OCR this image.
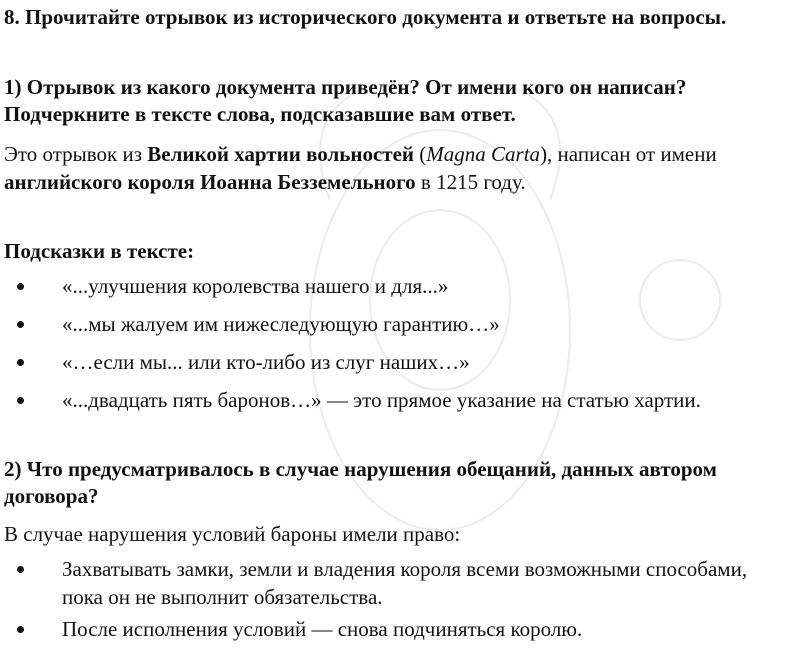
8. Прочитайте отрывок из исторического документа и ответьте на вопросы.

1) Отрывок из какого документа приведён? От имени кого он написан? Подчеркните в тексте слова, подсказавшие вам ответ.

Это отрывок из Великой хартии вольностей (Magna Carta), написан от имени английского короля Иоанна Безземельного в 1215 году.

Подсказки в тексте:

«...улучшения королевства нашего и для...»
«...мы жалуем им нижеследующую гарантию…»
«…если мы... или кто-либо из слуг наших…»
«...двадцать пять баронов…» — это прямое указание на статью хартии.

2) Что предусматривалось в случае нарушения обещаний, данных автором договора?

В случае нарушения условий бароны имели право:

Захватывать замки, земли и владения короля всеми возможными способами, пока он не выполнит обязательства.
После исполнения условий — снова подчиняться королю.
